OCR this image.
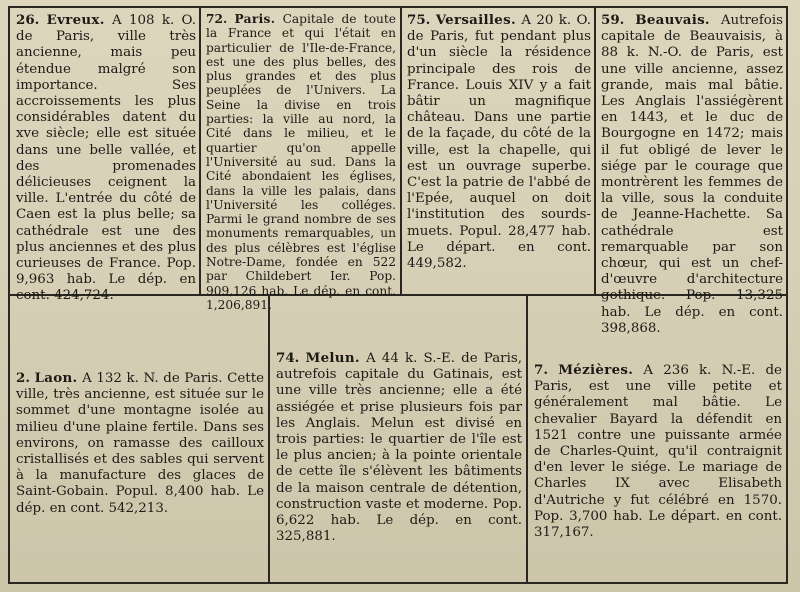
26. Evreux. A 108 k. O. de Paris, ville très ancienne, mais peu étendue malgré son importance. Ses accroissements les plus considérables datent du xve siècle; elle est située dans une belle vallée, et des promenades délicieuses ceignent la ville. L'entrée du côté de Caen est la plus belle; sa cathédrale est une des plus anciennes et des plus curieuses de France. Pop. 9,963 hab. Le dép. en cont. 424,724.
72. Paris. Capitale de toute la France et qui l'était en particulier de l'Ile-de-France, est une des plus belles, des plus grandes et des plus peuplées de l'Univers. La Seine la divise en trois parties: la ville au nord, la Cité dans le milieu, et le quartier qu'on appelle l'Université au sud. Dans la Cité abondaient les églises, dans la ville les palais, dans l'Université les colléges. Parmi le grand nombre de ses monuments remarquables, un des plus célèbres est l'église Notre-Dame, fondée en 522 par Childebert Ier. Pop. 909,126 hab. Le dép. en cont. 1,206,891.
75. Versailles. A 20 k. O. de Paris, fut pendant plus d'un siècle la résidence principale des rois de France. Louis XIV y a fait bâtir un magnifique château. Dans une partie de la façade, du côté de la ville, est la chapelle, qui est un ouvrage superbe. C'est la patrie de l'abbé de l'Epée, auquel on doit l'institution des sourds-muets. Popul. 28,477 hab. Le départ. en cont. 449,582.
59. Beauvais. Autrefois capitale de Beauvaisis, à 88 k. N.-O. de Paris, est une ville ancienne, assez grande, mais mal bâtie. Les Anglais l'assiégèrent en 1443, et le duc de Bourgogne en 1472; mais il fut obligé de lever le siége par le courage que montrèrent les femmes de la ville, sous la conduite de Jeanne-Hachette. Sa cathédrale est remarquable par son chœur, qui est un chef-d'œuvre d'architecture gothique. Pop. 13,325 hab. Le dép. en cont. 398,868.
2. Laon. A 132 k. N. de Paris. Cette ville, très ancienne, est située sur le sommet d'une montagne isolée au milieu d'une plaine fertile. Dans ses environs, on ramasse des cailloux cristallisés et des sables qui servent à la manufacture des glaces de Saint-Gobain. Popul. 8,400 hab. Le dép. en cont. 542,213.
74. Melun. A 44 k. S.-E. de Paris, autrefois capitale du Gatinais, est une ville très ancienne; elle a été assiégée et prise plusieurs fois par les Anglais. Melun est divisé en trois parties: le quartier de l'île est le plus ancien; à la pointe orientale de cette île s'élèvent les bâtiments de la maison centrale de détention, construction vaste et moderne. Pop. 6,622 hab. Le dép. en cont. 325,881.
7. Mézières. A 236 k. N.-E. de Paris, est une ville petite et généralement mal bâtie. Le chevalier Bayard la défendit en 1521 contre une puissante armée de Charles-Quint, qu'il contraignit d'en lever le siége. Le mariage de Charles IX avec Elisabeth d'Autriche y fut célébré en 1570. Pop. 3,700 hab. Le départ. en cont. 317,167.
